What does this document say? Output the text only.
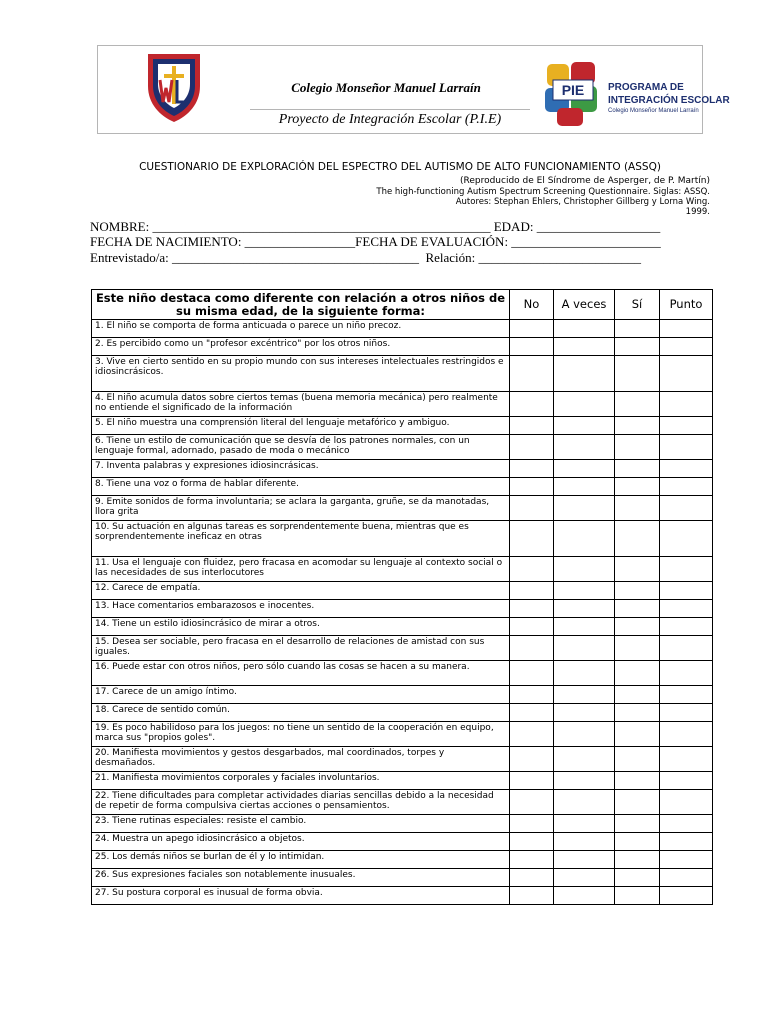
Colegio Monseñor Manuel Larraín
Proyecto de Integración Escolar (P.I.E)
PIE PROGRAMA DE
INTEGRACIÓN ESCOLAR
Colegio Monseñor Manuel Larraín
CUESTIONARIO DE EXPLORACIÓN DEL ESPECTRO DEL AUTISMO DE ALTO FUNCIONAMIENTO (ASSQ)
(Reproducido de El Síndrome de Asperger, de P. Martín)
The high-functioning Autism Spectrum Screening Questionnaire. Siglas: ASSQ.
Autores: Stephan Ehlers, Christopher Gillberg y Lorna Wing.
1999.
NOMBRE: ____________________________________________________ EDAD: ___________________
FECHA DE NACIMIENTO: _________________FECHA DE EVALUACIÓN: _______________________
Entrevistado/a: ______________________________________  Relación: _________________________
Este niño destaca como diferente con relación a otros niños de su misma edad, de la siguiente forma:	No	A veces	Sí	Punto
1. El niño se comporta de forma anticuada o parece un niño precoz.				
2. Es percibido como un "profesor excéntrico" por los otros niños.				
3. Vive en cierto sentido en su propio mundo con sus intereses intelectuales restringidos e
idiosincrásicos.				
4. El niño acumula datos sobre ciertos temas (buena memoria mecánica) pero realmente no entiende el significado de la información				
5. El niño muestra una comprensión literal del lenguaje metafórico y ambiguo.				
6. Tiene un estilo de comunicación que se desvía de los patrones normales, con un lenguaje formal, adornado, pasado de moda o mecánico				
7. Inventa palabras y expresiones idiosincrásicas.				
8. Tiene una voz o forma de hablar diferente.				
9. Emite sonidos de forma involuntaria; se aclara la garganta, gruñe, se da manotadas, llora grita				
10. Su actuación en algunas tareas es sorprendentemente buena, mientras que es
sorprendentemente ineficaz en otras				
11. Usa el lenguaje con fluidez, pero fracasa en acomodar su lenguaje al contexto social o las necesidades de sus interlocutores				
12. Carece de empatía.				
13. Hace comentarios embarazosos e inocentes.				
14. Tiene un estilo idiosincrásico de mirar a otros.				
15. Desea ser sociable, pero fracasa en el desarrollo de relaciones de amistad con sus iguales.				
16. Puede estar con otros niños, pero sólo cuando las cosas se hacen a su manera.				
17. Carece de un amigo íntimo.				
18. Carece de sentido común.				
19. Es poco habilidoso para los juegos: no tiene un sentido de la cooperación en equipo, marca sus "propios goles".				
20. Manifiesta movimientos y gestos desgarbados, mal coordinados, torpes y desmañados.				
21. Manifiesta movimientos corporales y faciales involuntarios.				
22. Tiene dificultades para completar actividades diarias sencillas debido a la necesidad de repetir de forma compulsiva ciertas acciones o pensamientos.				
23. Tiene rutinas especiales: resiste el cambio.				
24. Muestra un apego idiosincrásico a objetos.				
25. Los demás niños se burlan de él y lo intimidan.				
26. Sus expresiones faciales son notablemente inusuales.				
27. Su postura corporal es inusual de forma obvia.				
